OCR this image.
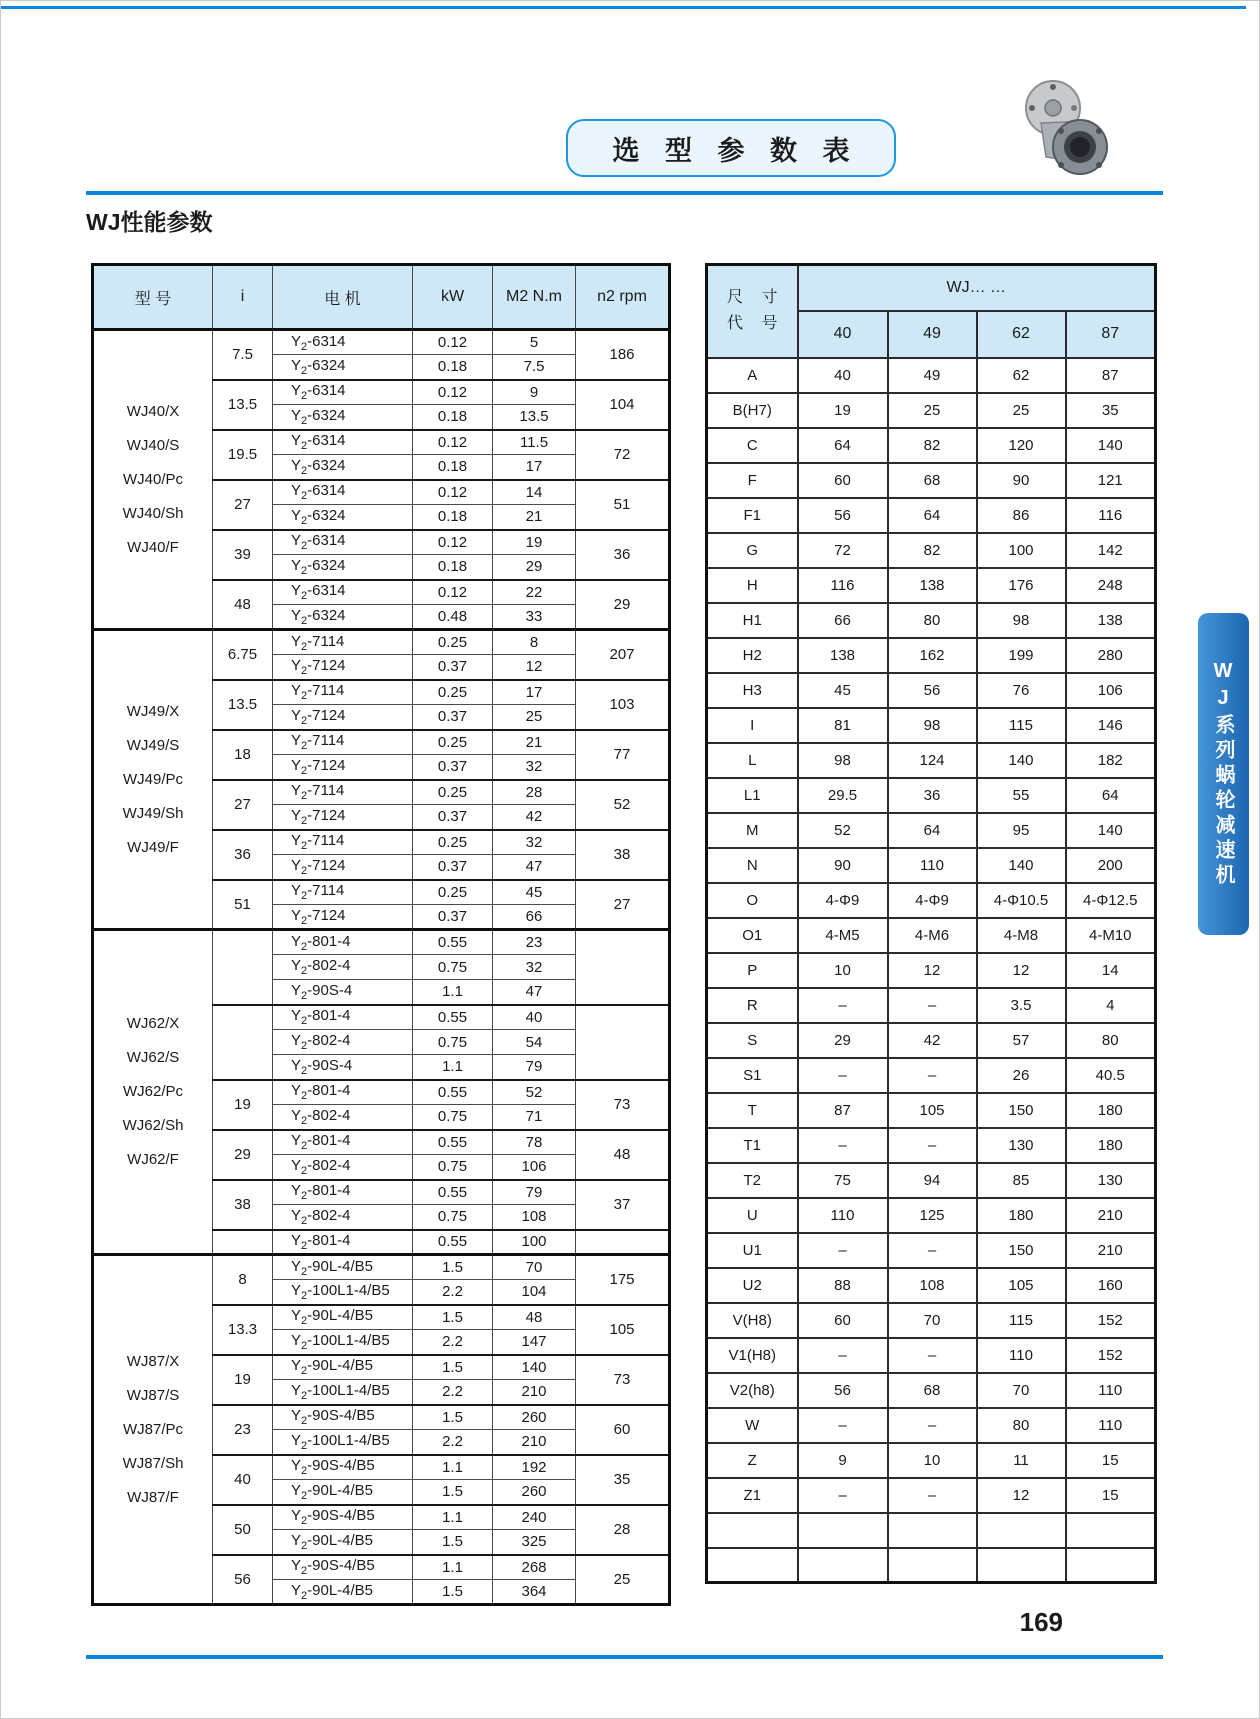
选 型 参 数 表
WJ性能参数
型 号	i	电 机	kW	M2 N.m	n2 rpm

WJ40/X
WJ40/S
WJ40/Pc
WJ40/Sh
WJ40/F	7.5	$Y_2-6314$	0.12	5	186
		$Y_2-6324$	0.18	7.5	
	13.5	$Y_2-6314$	0.12	9	104
		$Y_2-6324$	0.18	13.5	
	19.5	$Y_2-6314$	0.12	11.5	72
		$Y_2-6324$	0.18	17	
	27	$Y_2-6314$	0.12	14	51
		$Y_2-6324$	0.18	21	
	39	$Y_2-6314$	0.12	19	36
		$Y_2-6324$	0.18	29	
	48	$Y_2-6314$	0.12	22	29
		$Y_2-6324$	0.48	33	

WJ49/X
WJ49/S
WJ49/Pc
WJ49/Sh
WJ49/F	6.75	$Y_2-7114$	0.25	8	207
		$Y_2-7124$	0.37	12	
	13.5	$Y_2-7114$	0.25	17	103
		$Y_2-7124$	0.37	25	
	18	$Y_2-7114$	0.25	21	77
		$Y_2-7124$	0.37	32	
	27	$Y_2-7114$	0.25	28	52
		$Y_2-7124$	0.37	42	
	36	$Y_2-7114$	0.25	32	38
		$Y_2-7124$	0.37	47	
	51	$Y_2-7114$	0.25	45	27
		$Y_2-7124$	0.37	66	

WJ62/X
WJ62/S
WJ62/Pc
WJ62/Sh
WJ62/F		$Y_2-801-4$	0.55	23	
		$Y_2-802-4$	0.75	32	
		$Y_2-90S-4$	1.1	47	
		$Y_2-801-4$	0.55	40	
		$Y_2-802-4$	0.75	54	
		$Y_2-90S-4$	1.1	79	
	19	$Y_2-801-4$	0.55	52	73
		$Y_2-802-4$	0.75	71	
	29	$Y_2-801-4$	0.55	78	48
		$Y_2-802-4$	0.75	106	
	38	$Y_2-801-4$	0.55	79	37
		$Y_2-802-4$	0.75	108	
		$Y_2-801-4$	0.55	100	

WJ87/X
WJ87/S
WJ87/Pc
WJ87/Sh
WJ87/F	8	$Y_2-90L-4/B5$	1.5	70	175
		$Y_2-100L1-4/B5$	2.2	104	
	13.3	$Y_2-90L-4/B5$	1.5	48	105
		$Y_2-100L1-4/B5$	2.2	147	
	19	$Y_2-90L-4/B5$	1.5	140	73
		$Y_2-100L1-4/B5$	2.2	210	
	23	$Y_2-90S-4/B5$	1.5	260	60
		$Y_2-100L1-4/B5$	2.2	210	
	40	$Y_2-90S-4/B5$	1.1	192	35
		$Y_2-90L-4/B5$	1.5	260	
	50	$Y_2-90S-4/B5$	1.1	240	28
		$Y_2-90L-4/B5$	1.5	325	
	56	$Y_2-90S-4/B5$	1.1	268	25
		$Y_2-90L-4/B5$	1.5	364	
尺 寸
代 号	WJ… …			
	40	49	62	87
A	40	49	62	87
B(H7)	19	25	25	35
C	64	82	120	140
F	60	68	90	121
F1	56	64	86	116
G	72	82	100	142
H	116	138	176	248
H1	66	80	98	138
H2	138	162	199	280
H3	45	56	76	106
I	81	98	115	146
L	98	124	140	182
L1	29.5	36	55	64
M	52	64	95	140
N	90	110	140	200
O	4-Φ9	4-Φ9	4-Φ10.5	4-Φ12.5
O1	4-M5	4-M6	4-M8	4-M10
P	10	12	12	14
R	–	–	3.5	4
S	29	42	57	80
S1	–	–	26	40.5
T	87	105	150	180
T1	–	–	130	180
T2	75	94	85	130
U	110	125	180	210
U1	–	–	150	210
U2	88	108	105	160
V(H8)	60	70	115	152
V1(H8)	–	–	110	152
V2(h8)	56	68	70	110
W	–	–	80	110
Z	9	10	11	15
Z1	–	–	12	15

WJ系列蜗轮减速机
169
